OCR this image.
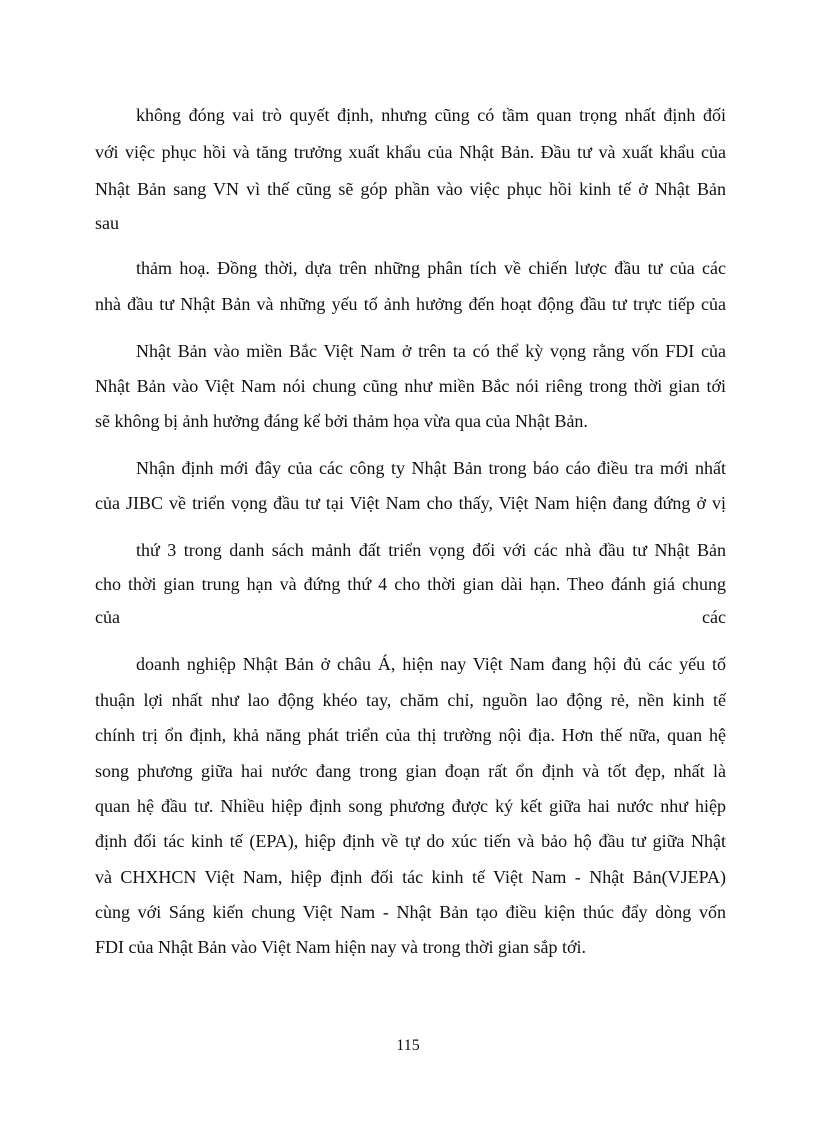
không đóng vai trò quyết định, nhưng cũng có tầm quan trọng nhất định đối

với việc phục hồi và tăng trưởng xuất khẩu của Nhật Bản. Đầu tư và xuất khẩu của

Nhật Bản sang VN vì thế cũng sẽ góp phần vào việc phục hồi kinh tế ở Nhật Bản

sau

thảm hoạ. Đồng thời, dựa trên những phân tích về chiến lược đầu tư của các

nhà đầu tư Nhật Bản và những yếu tố ảnh hưởng đến hoạt động đầu tư trực tiếp của

Nhật Bản vào miền Bắc Việt Nam ở trên ta có thể kỳ vọng rằng vốn FDI của

Nhật Bản vào Việt Nam nói chung cũng như miền Bắc nói riêng trong thời gian tới

sẽ không bị ảnh hưởng đáng kể bởi thảm họa vừa qua của Nhật Bản.

Nhận định mới đây của các công ty Nhật Bản trong báo cáo điều tra mới nhất

của JIBC về triển vọng đầu tư tại Việt Nam cho thấy, Việt Nam hiện đang đứng ở vị

thứ 3 trong danh sách mảnh đất triển vọng đối với các nhà đầu tư Nhật Bản

cho thời gian trung hạn và đứng thứ 4 cho thời gian dài hạn. Theo đánh giá chung

của	các

doanh nghiệp Nhật Bản ở châu Á, hiện nay Việt Nam đang hội đủ các yếu tố

thuận lợi nhất như lao động khéo tay, chăm chỉ, nguồn lao động rẻ, nền kinh tế

chính trị ổn định, khả năng phát triển của thị trường nội địa. Hơn thế nữa, quan hệ

song phương giữa hai nước đang trong gian đoạn rất ổn định và tốt đẹp, nhất là

quan hệ đầu tư. Nhiều hiệp định song phương được ký kết giữa hai nước như hiệp

định đối tác kinh tế (EPA), hiệp định về tự do xúc tiến và bảo hộ đầu tư giữa Nhật

và CHXHCN Việt Nam, hiệp định đối tác kinh tế Việt Nam - Nhật Bản(VJEPA)

cùng với Sáng kiến chung Việt Nam - Nhật Bản tạo điều kiện thúc đẩy dòng vốn

FDI của Nhật Bản vào Việt Nam hiện nay và trong thời gian sắp tới.

115
